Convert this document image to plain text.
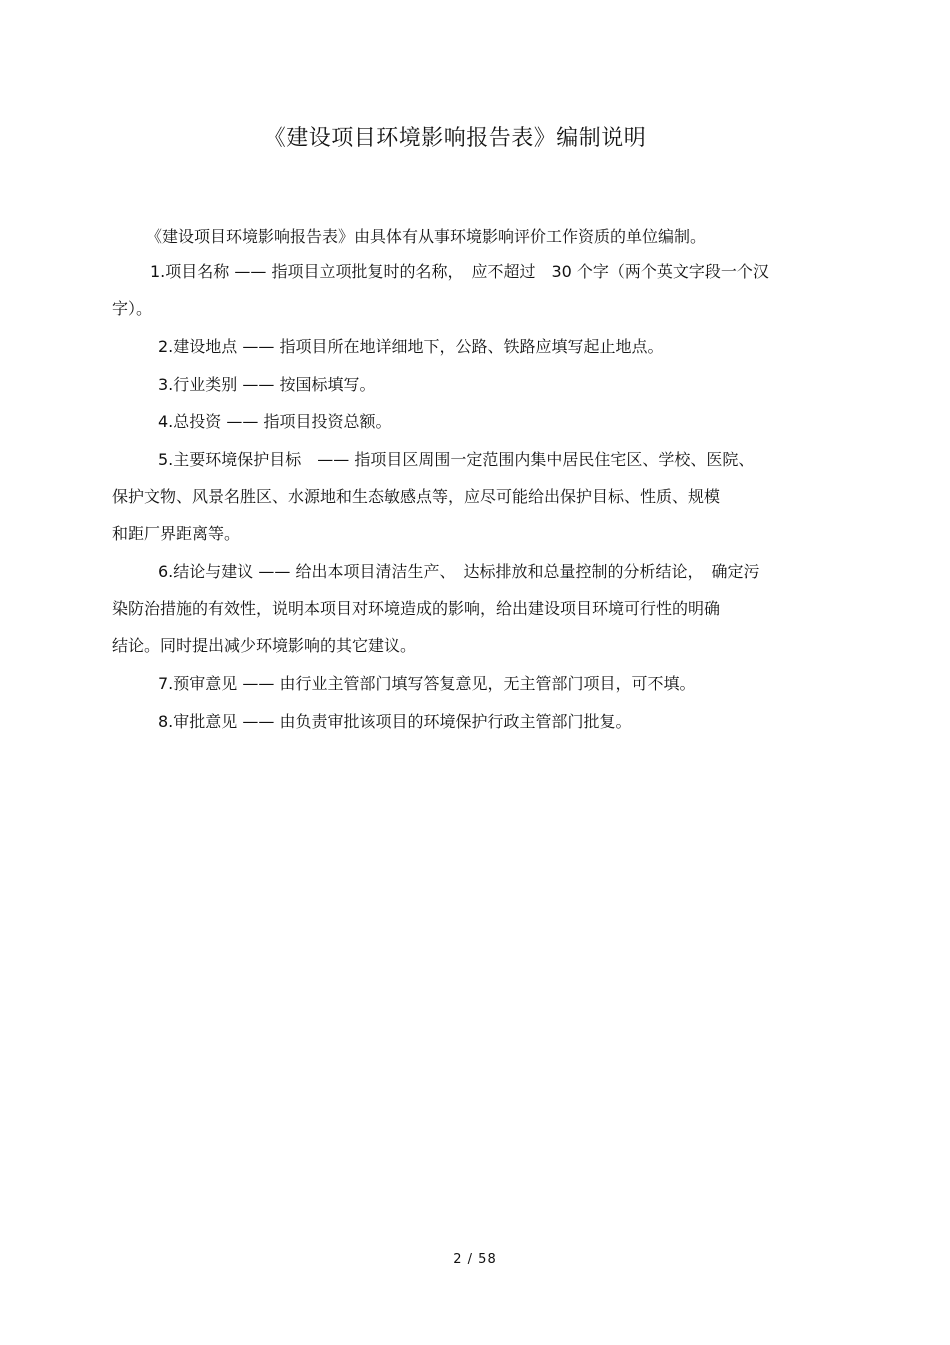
《建设项目环境影响报告表》编制说明

《建设项目环境影响报告表》由具体有从事环境影响评价工作资质的单位编制。

1.项目名称 —— 指项目立项批复时的名称，　应不超过　30 个字（两个英文字段一个汉

字）。

2.建设地点 —— 指项目所在地详细地下，公路、铁路应填写起止地点。

3.行业类别 —— 按国标填写。

4.总投资 —— 指项目投资总额。

5.主要环境保护目标　—— 指项目区周围一定范围内集中居民住宅区、学校、医院、

保护文物、风景名胜区、水源地和生态敏感点等，应尽可能给出保护目标、性质、规模

和距厂界距离等。

6.结论与建议 —— 给出本项目清洁生产、　达标排放和总量控制的分析结论，　确定污

染防治措施的有效性，说明本项目对环境造成的影响，给出建设项目环境可行性的明确

结论。同时提出减少环境影响的其它建议。

7.预审意见 —— 由行业主管部门填写答复意见，无主管部门项目，可不填。

8.审批意见 —— 由负责审批该项目的环境保护行政主管部门批复。

2 / 58
